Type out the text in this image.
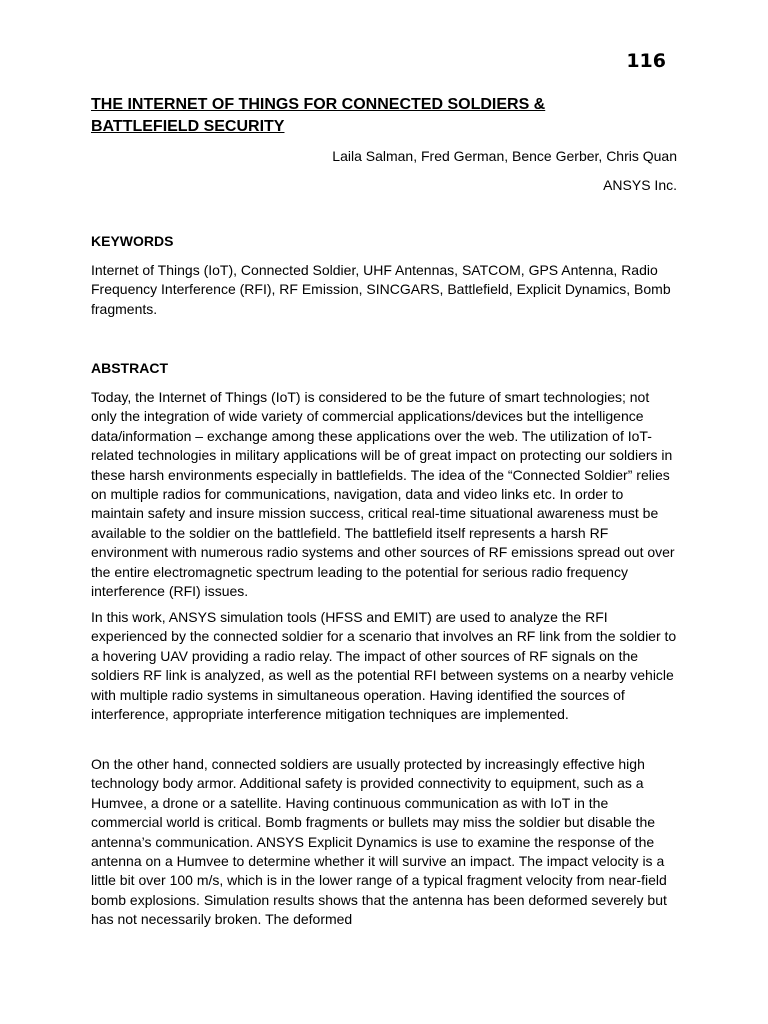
116
THE INTERNET OF THINGS FOR CONNECTED SOLDIERS & BATTLEFIELD SECURITY
Laila Salman, Fred German, Bence Gerber, Chris Quan
ANSYS Inc.
KEYWORDS

Internet of Things (IoT), Connected Soldier, UHF Antennas, SATCOM, GPS Antenna, Radio Frequency Interference (RFI), RF Emission, SINCGARS, Battlefield, Explicit Dynamics, Bomb fragments.

ABSTRACT

Today, the Internet of Things (IoT) is considered to be the future of smart technologies; not only the integration of wide variety of commercial applications/devices but the intelligence data/information – exchange among these applications over the web. The utilization of IoT- related technologies in military applications will be of great impact on protecting our soldiers in these harsh environments especially in battlefields. The idea of the “Connected Soldier” relies on multiple radios for communications, navigation, data and video links etc. In order to maintain safety and insure mission success, critical real-time situational awareness must be available to the soldier on the battlefield. The battlefield itself represents a harsh RF environment with numerous radio systems and other sources of RF emissions spread out over the entire electromagnetic spectrum leading to the potential for serious radio frequency interference (RFI) issues.

In this work, ANSYS simulation tools (HFSS and EMIT) are used to analyze the RFI experienced by the connected soldier for a scenario that involves an RF link from the soldier to a hovering UAV providing a radio relay. The impact of other sources of RF signals on the soldiers RF link is analyzed, as well as the potential RFI between systems on a nearby vehicle with multiple radio systems in simultaneous operation. Having identified the sources of interference, appropriate interference mitigation techniques are implemented.

On the other hand, connected soldiers are usually protected by increasingly effective high technology body armor. Additional safety is provided connectivity to equipment, such as a Humvee, a drone or a satellite. Having continuous communication as with IoT in the commercial world is critical. Bomb fragments or bullets may miss the soldier but disable the antenna’s communication. ANSYS Explicit Dynamics is use to examine the response of the antenna on a Humvee to determine whether it will survive an impact. The impact velocity is a little bit over 100 m/s, which is in the lower range of a typical fragment velocity from near-field bomb explosions. Simulation results shows that the antenna has been deformed severely but has not necessarily broken. The deformed
